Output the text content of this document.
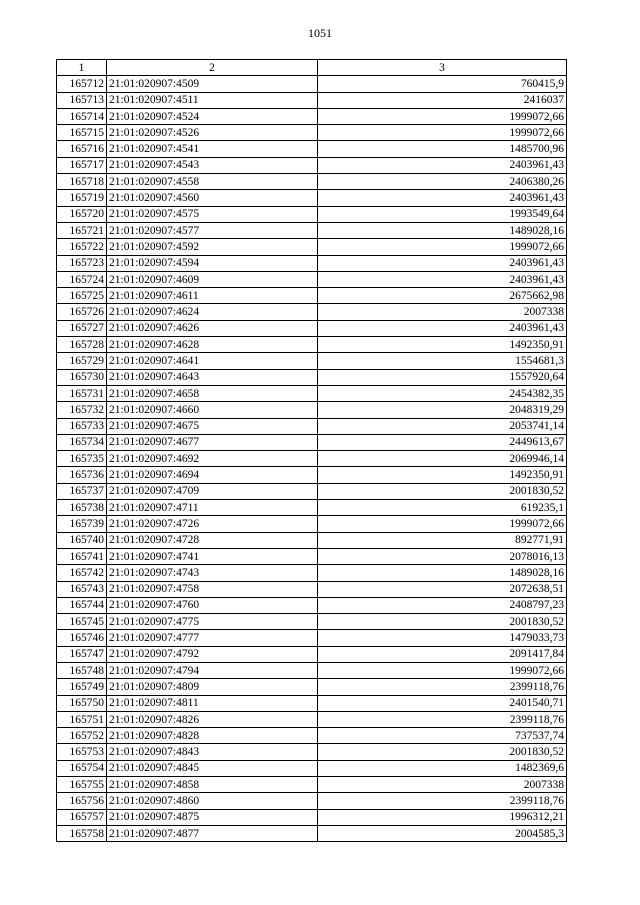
1051
1	2	3
165712	21:01:020907:4509	760415,9
165713	21:01:020907:4511	2416037
165714	21:01:020907:4524	1999072,66
165715	21:01:020907:4526	1999072,66
165716	21:01:020907:4541	1485700,96
165717	21:01:020907:4543	2403961,43
165718	21:01:020907:4558	2406380,26
165719	21:01:020907:4560	2403961,43
165720	21:01:020907:4575	1993549,64
165721	21:01:020907:4577	1489028,16
165722	21:01:020907:4592	1999072,66
165723	21:01:020907:4594	2403961,43
165724	21:01:020907:4609	2403961,43
165725	21:01:020907:4611	2675662,98
165726	21:01:020907:4624	2007338
165727	21:01:020907:4626	2403961,43
165728	21:01:020907:4628	1492350,91
165729	21:01:020907:4641	1554681,3
165730	21:01:020907:4643	1557920,64
165731	21:01:020907:4658	2454382,35
165732	21:01:020907:4660	2048319,29
165733	21:01:020907:4675	2053741,14
165734	21:01:020907:4677	2449613,67
165735	21:01:020907:4692	2069946,14
165736	21:01:020907:4694	1492350,91
165737	21:01:020907:4709	2001830,52
165738	21:01:020907:4711	619235,1
165739	21:01:020907:4726	1999072,66
165740	21:01:020907:4728	892771,91
165741	21:01:020907:4741	2078016,13
165742	21:01:020907:4743	1489028,16
165743	21:01:020907:4758	2072638,51
165744	21:01:020907:4760	2408797,23
165745	21:01:020907:4775	2001830,52
165746	21:01:020907:4777	1479033,73
165747	21:01:020907:4792	2091417,84
165748	21:01:020907:4794	1999072,66
165749	21:01:020907:4809	2399118,76
165750	21:01:020907:4811	2401540,71
165751	21:01:020907:4826	2399118,76
165752	21:01:020907:4828	737537,74
165753	21:01:020907:4843	2001830,52
165754	21:01:020907:4845	1482369,6
165755	21:01:020907:4858	2007338
165756	21:01:020907:4860	2399118,76
165757	21:01:020907:4875	1996312,21
165758	21:01:020907:4877	2004585,3
